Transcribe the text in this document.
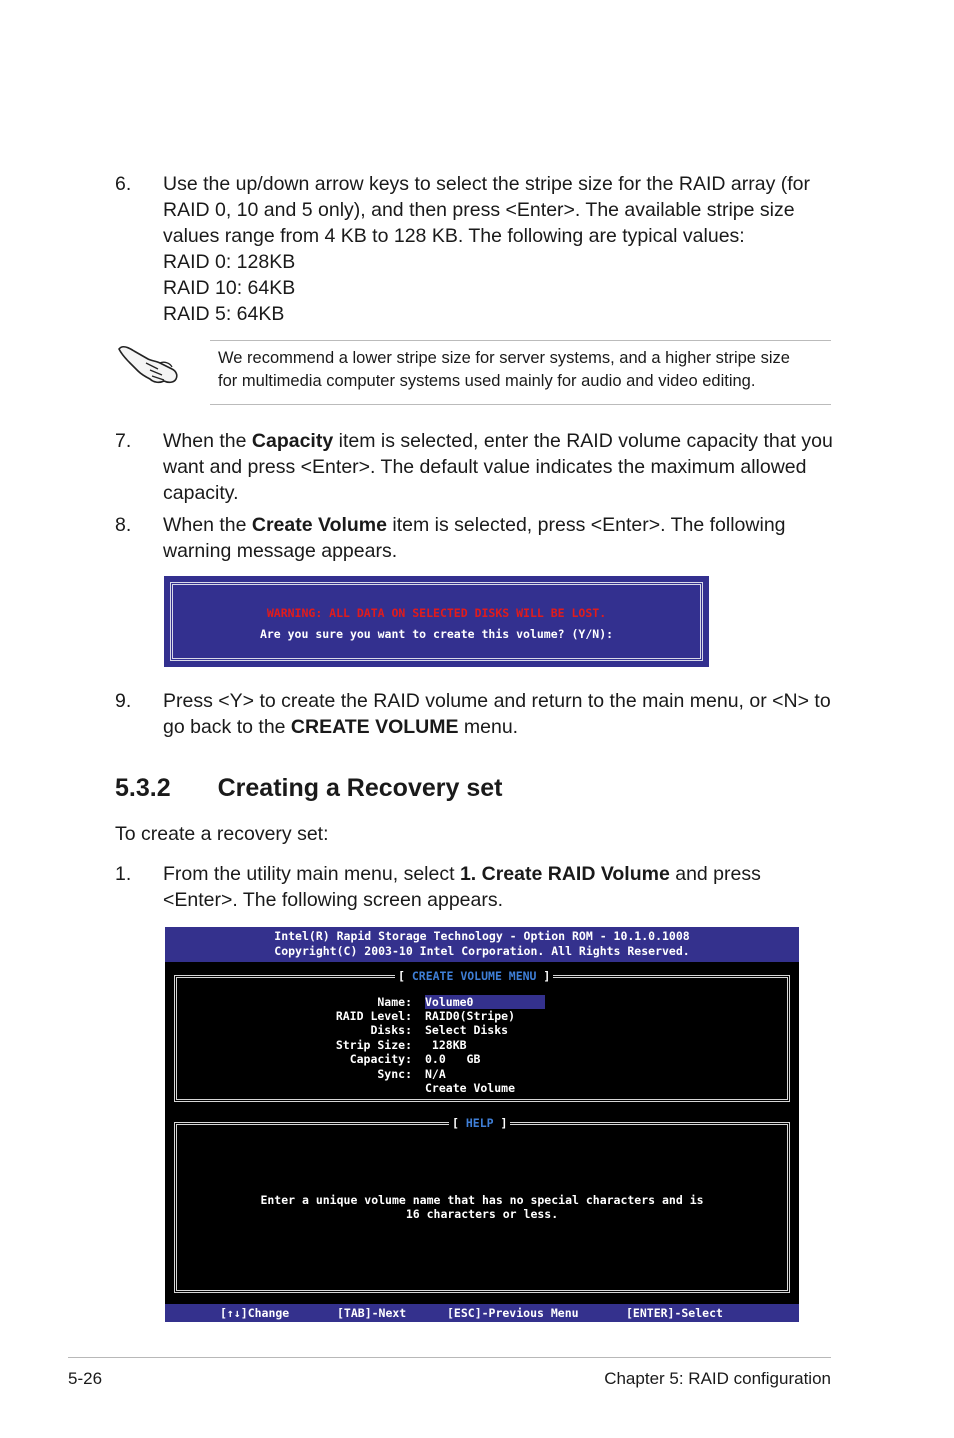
6. Use the up/down arrow keys to select the stripe size for the RAID array (for
RAID 0, 10 and 5 only), and then press <Enter>. The available stripe size
values range from 4 KB to 128 KB. The following are typical values:
RAID 0: 128KB
RAID 10: 64KB
RAID 5: 64KB
We recommend a lower stripe size for server systems, and a higher stripe size
for multimedia computer systems used mainly for audio and video editing.
7. When the Capacity item is selected, enter the RAID volume capacity that you
want and press <Enter>. The default value indicates the maximum allowed
capacity.
8. When the Create Volume item is selected, press <Enter>. The following
warning message appears.
WARNING: ALL DATA ON SELECTED DISKS WILL BE LOST.
Are you sure you want to create this volume? (Y/N):
9. Press <Y> to create the RAID volume and return to the main menu, or <N> to
go back to the CREATE VOLUME menu.
5.3.2 Creating a Recovery set
To create a recovery set:
1. From the utility main menu, select 1. Create RAID Volume and press
<Enter>. The following screen appears.
Intel(R) Rapid Storage Technology - Option ROM - 10.1.0.1008
Copyright(C) 2003-10 Intel Corporation. All Rights Reserved.
[ CREATE VOLUME MENU ]
Name: Volume0
RAID Level: RAID0(Stripe)
Disks: Select Disks
Strip Size: 128KB
Capacity: 0.0   GB
Sync: N/A
Create Volume
[ HELP ]
Enter a unique volume name that has no special characters and is
16 characters or less.
[↑↓]Change	[TAB]-Next	[ESC]-Previous Menu	[ENTER]-Select
5-26	Chapter 5: RAID configuration
